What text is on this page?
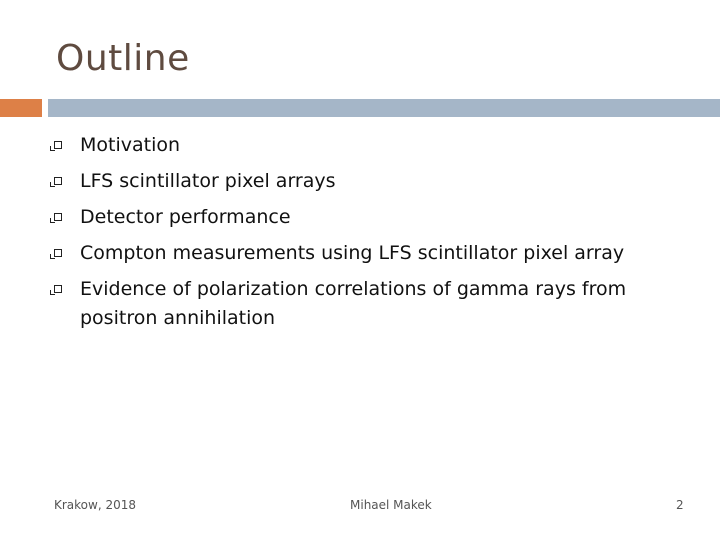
Outline
Motivation
LFS scintillator pixel arrays
Detector performance
Compton measurements using LFS scintillator pixel array
Evidence of polarization correlations of gamma rays from positron annihilation
Krakow, 2018	Mihael Makek	2
